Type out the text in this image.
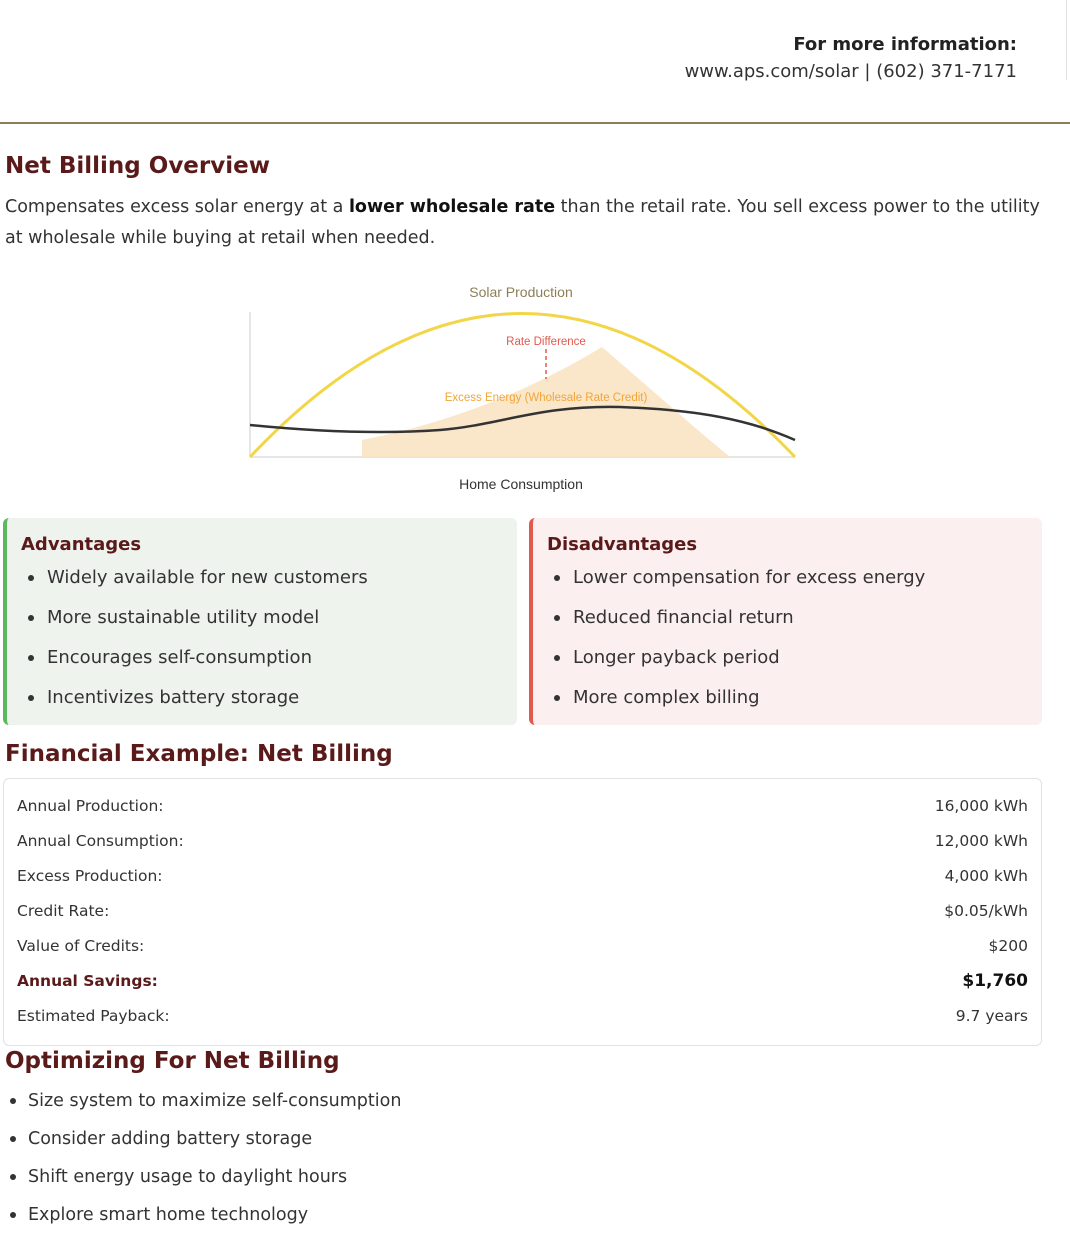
For more information:
www.aps.com/solar | (602) 371-7171
Net Billing Overview

Compensates excess solar energy at a lower wholesale rate than the retail rate. You sell excess power to the utility at wholesale while buying at retail when needed.

Solar Production
Rate Difference
Excess Energy (Wholesale Rate Credit)
Home Consumption
Advantages
Widely available for new customers
More sustainable utility model
Encourages self-consumption
Incentivizes battery storage
Disadvantages
Lower compensation for excess energy
Reduced financial return
Longer payback period
More complex billing
Financial Example: Net Billing
Annual Production:	16,000 kWh
Annual Consumption:	12,000 kWh
Excess Production:	4,000 kWh
Credit Rate:	$0.05/kWh
Value of Credits:	$200
Annual Savings:	$1,760
Estimated Payback:	9.7 years
Optimizing For Net Billing
Size system to maximize self-consumption
Consider adding battery storage
Shift energy usage to daylight hours
Explore smart home technology
